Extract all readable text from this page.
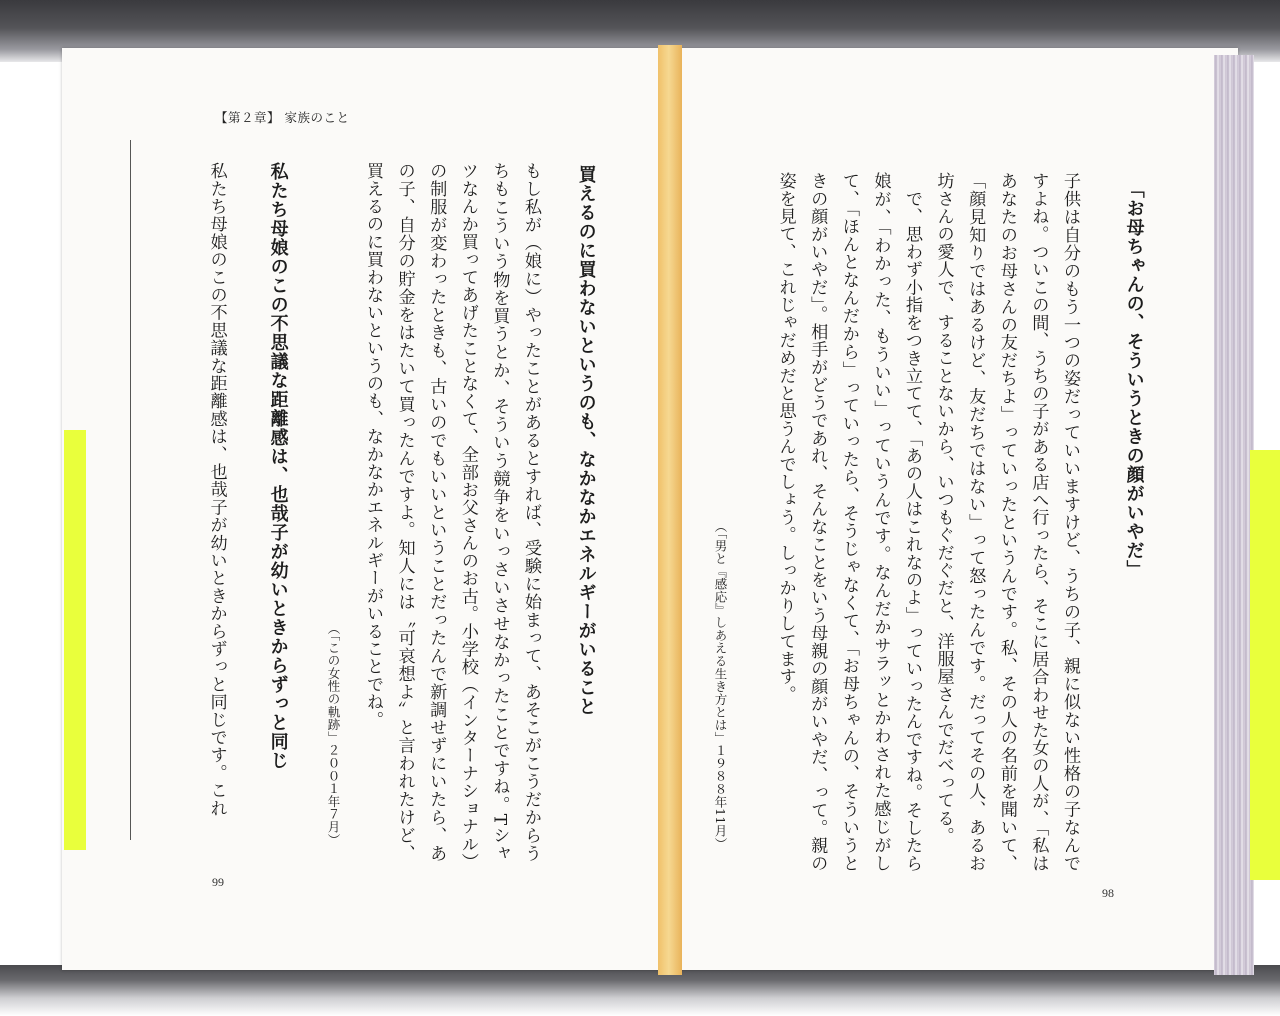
【第２章】 家族のこと
買えるのに買わないというのも、なかなかエネルギーがいること
もし私が（娘に）やったことがあるとすれば、受験に始まって、あそこがこうだからうちもこういう物を買うとか、そういう競争をいっさいさせなかったことですね。Tシャツなんか買ってあげたことなくて、全部お父さんのお古。小学校（インターナショナル）の制服が変わったときも、古いのでもいいということだったんで新調せずにいたら、あの子、自分の貯金をはたいて買ったんですよ。知人には〝可哀想よ〟と言われたけど、買えるのに買わないというのも、なかなかエネルギーがいることでね。
（「この女性の軌跡」２００１年７月）
私たち母娘のこの不思議な距離感は、也哉子が幼いときからずっと同じ
私たち母娘のこの不思議な距離感は、也哉子が幼いときからずっと同じです。これ
99
「お母ちゃんの、そういうときの顔がいやだ」
子供は自分のもう一つの姿だっていいますけど、うちの子、親に似ない性格の子なんですよね。ついこの間、うちの子がある店へ行ったら、そこに居合わせた女の人が、「私はあなたのお母さんの友だちよ」っていったというんです。私、その人の名前を聞いて、「顔見知りではあるけど、友だちではない」って怒ったんです。だってその人、あるお坊さんの愛人で、することないから、いつもぐだぐだと、洋服屋さんでだべってる。
　で、思わず小指をつき立てて、「あの人はこれなのよ」っていったんですね。そしたら娘が、「わかった、もういい」っていうんです。なんだかサラッとかわされた感じがして、「ほんとなんだから」っていったら、そうじゃなくて、「お母ちゃんの、そういうときの顔がいやだ」。相手がどうであれ、そんなことをいう母親の顔がいやだ、って。親の姿を見て、これじゃだめだと思うんでしょう。しっかりしてます。
（「男と『感応』しあえる生き方とは」１９８８年11月）
98
